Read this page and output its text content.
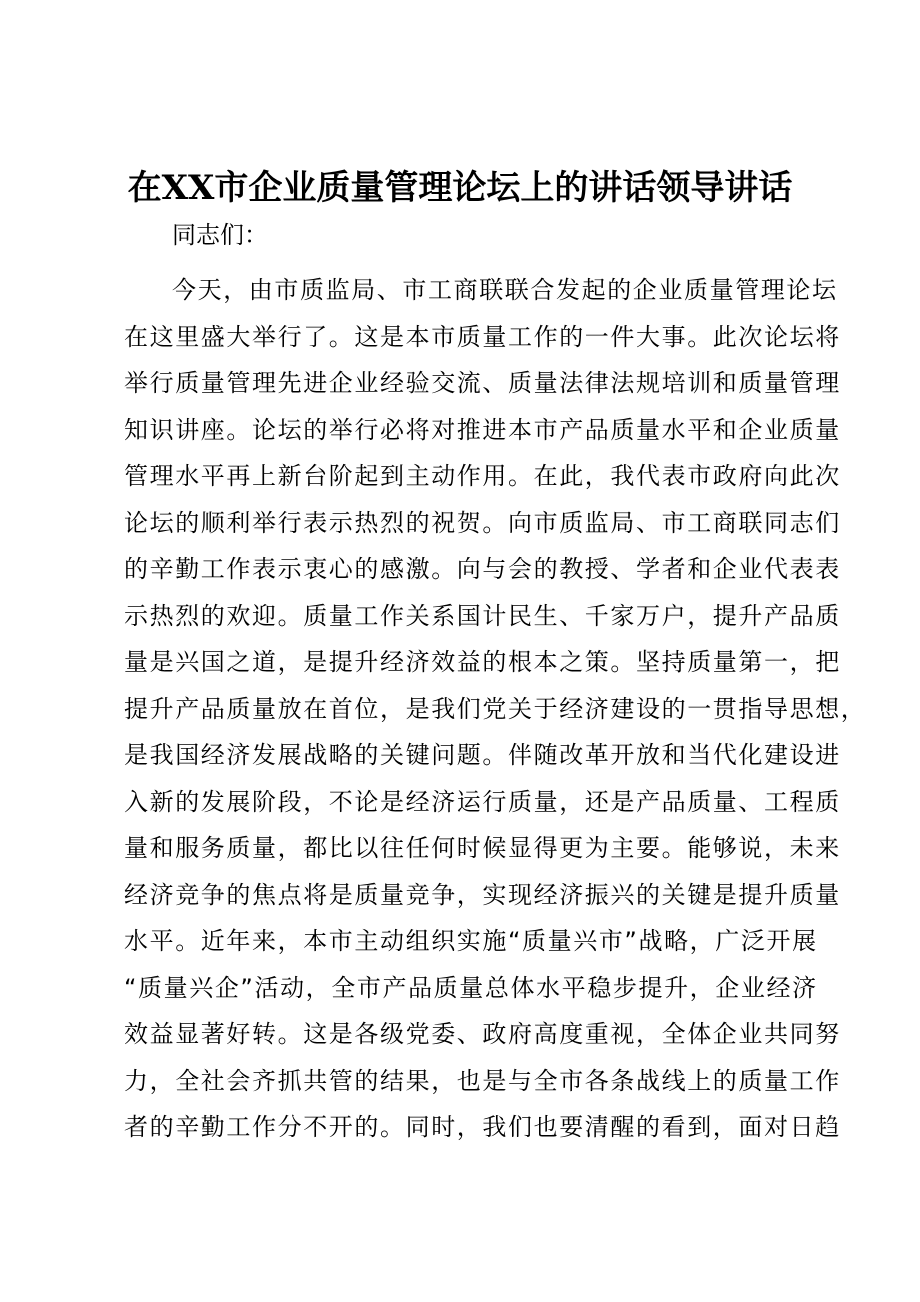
在XX市企业质量管理论坛上的讲话领导讲话
同志们：
今天，由市质监局、市工商联联合发起的企业质量管理论坛
在这里盛大举行了。这是本市质量工作的一件大事。此次论坛将
举行质量管理先进企业经验交流、质量法律法规培训和质量管理
知识讲座。论坛的举行必将对推进本市产品质量水平和企业质量
管理水平再上新台阶起到主动作用。在此，我代表市政府向此次
论坛的顺利举行表示热烈的祝贺。向市质监局、市工商联同志们
的辛勤工作表示衷心的感激。向与会的教授、学者和企业代表表
示热烈的欢迎。质量工作关系国计民生、千家万户，提升产品质
量是兴国之道，是提升经济效益的根本之策。坚持质量第一，把
提升产品质量放在首位，是我们党关于经济建设的一贯指导思想，
是我国经济发展战略的关键问题。伴随改革开放和当代化建设进
入新的发展阶段，不论是经济运行质量，还是产品质量、工程质
量和服务质量，都比以往任何时候显得更为主要。能够说，未来
经济竞争的焦点将是质量竞争，实现经济振兴的关键是提升质量
水平。近年来，本市主动组织实施“质量兴市”战略，广泛开展
“质量兴企”活动，全市产品质量总体水平稳步提升，企业经济
效益显著好转。这是各级党委、政府高度重视，全体企业共同努
力，全社会齐抓共管的结果，也是与全市各条战线上的质量工作
者的辛勤工作分不开的。同时，我们也要清醒的看到，面对日趋
